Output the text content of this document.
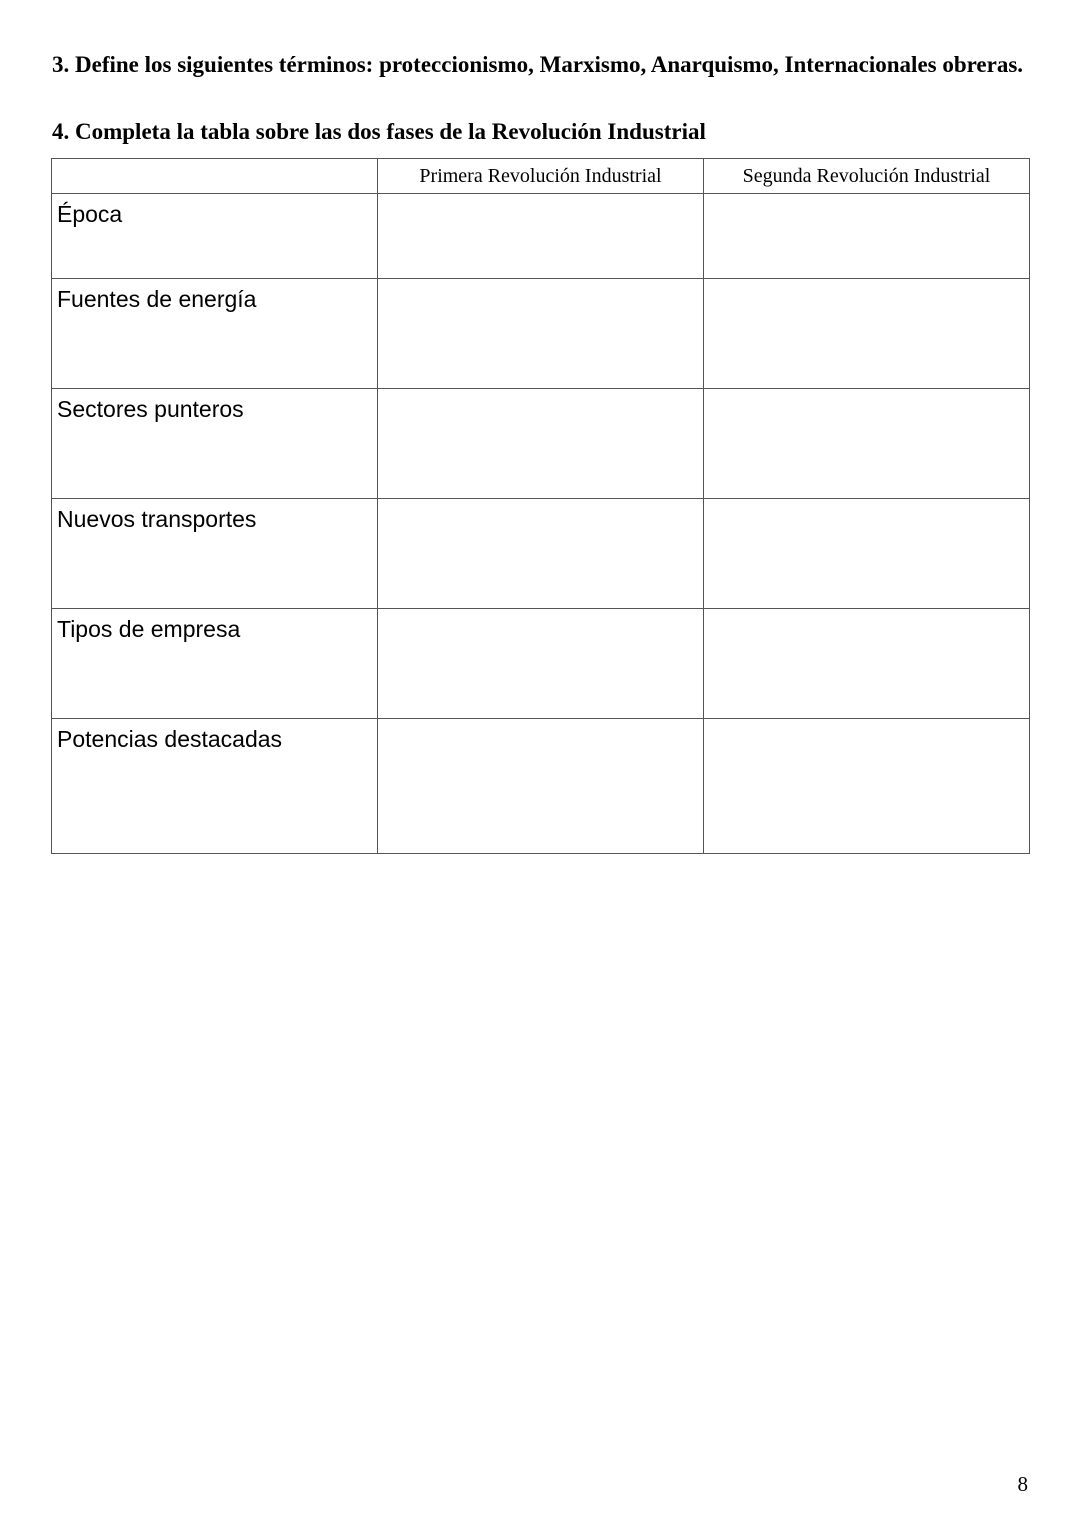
3. Define los siguientes términos: proteccionismo, Marxismo, Anarquismo, Internacionales obreras.

4. Completa la tabla sobre las dos fases de la Revolución Industrial

	Primera Revolución Industrial	Segunda Revolución Industrial
Época		
Fuentes de energía		
Sectores punteros		
Nuevos transportes		
Tipos de empresa		
Potencias destacadas		

8
